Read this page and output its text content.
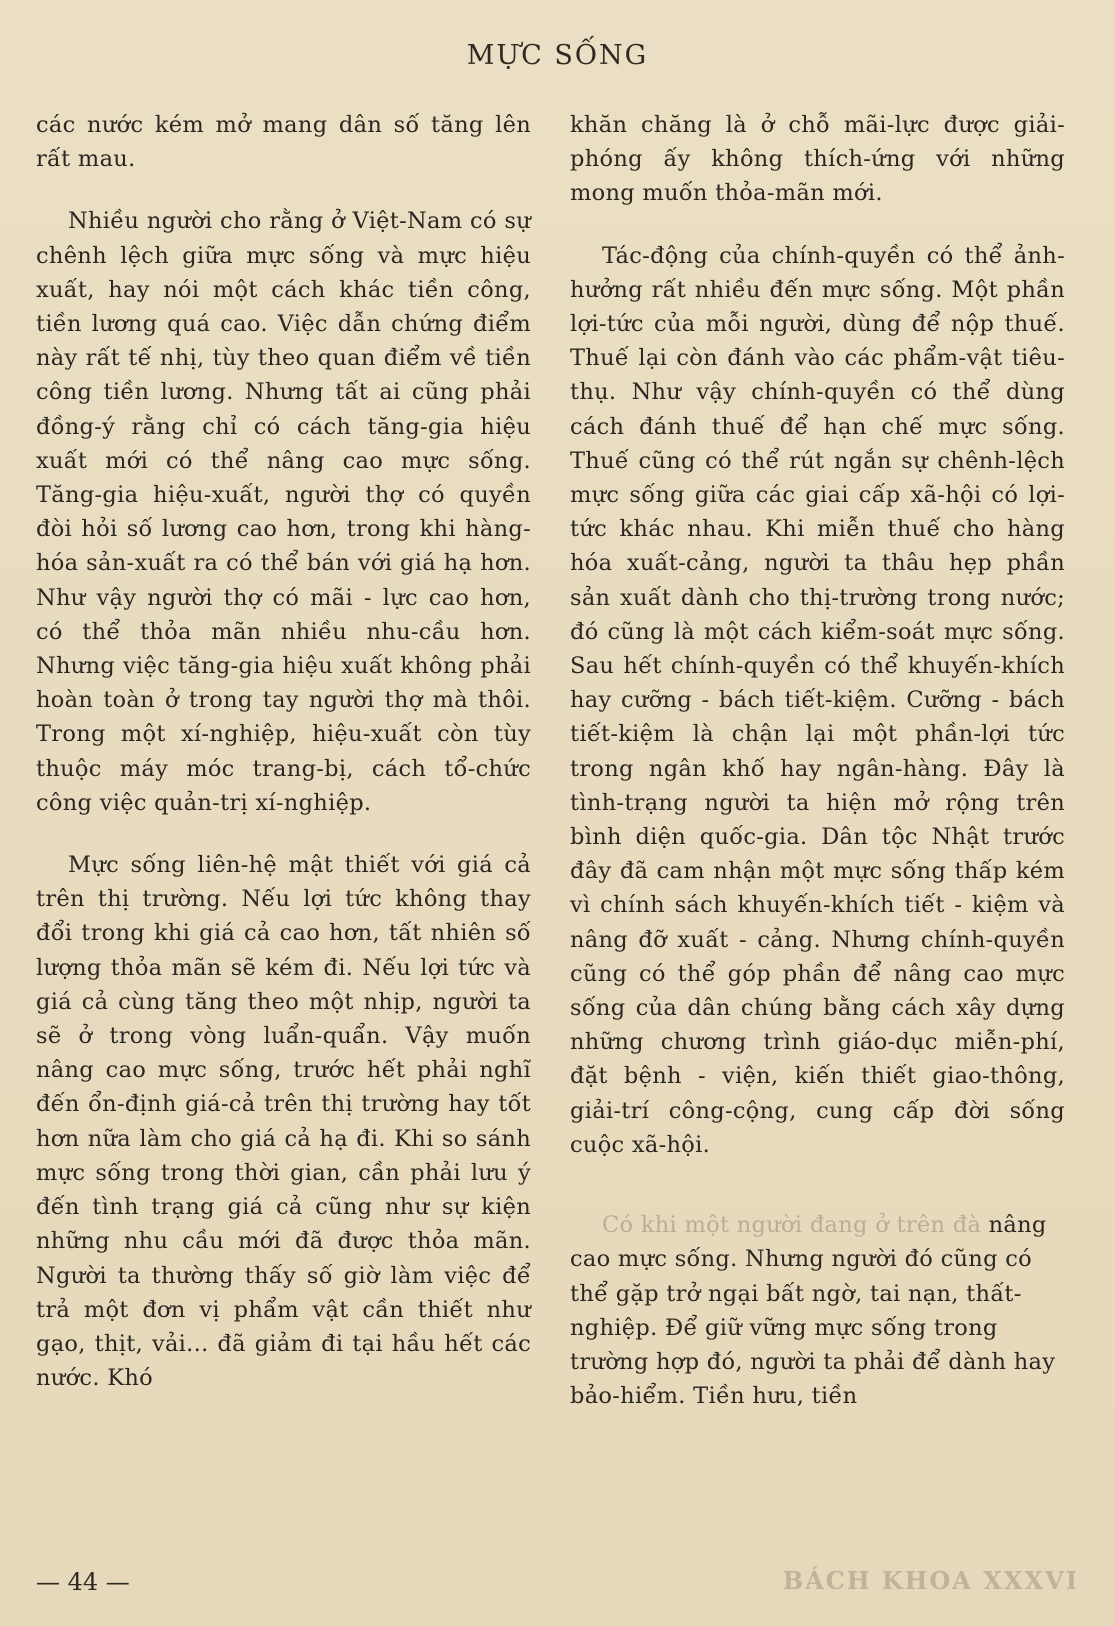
MỰC SỐNG

các nước kém mở mang dân số tăng lên rất mau.

Nhiều người cho rằng ở Việt-Nam có sự chênh lệch giữa mực sống và mực hiệu xuất, hay nói một cách khác tiền công, tiền lương quá cao. Việc dẫn chứng điểm này rất tế nhị, tùy theo quan điểm về tiền công tiền lương. Nhưng tất ai cũng phải đồng-ý rằng chỉ có cách tăng-gia hiệu xuất mới có thể nâng cao mực sống. Tăng-gia hiệu-xuất, người thợ có quyền đòi hỏi số lương cao hơn, trong khi hàng-hóa sản-xuất ra có thể bán với giá hạ hơn. Như vậy người thợ có mãi - lực cao hơn, có thể thỏa mãn nhiều nhu-cầu hơn. Nhưng việc tăng-gia hiệu xuất không phải hoàn toàn ở trong tay người thợ mà thôi. Trong một xí-nghiệp, hiệu-xuất còn tùy thuộc máy móc trang-bị, cách tổ-chức công việc quản-trị xí-nghiệp.

Mực sống liên-hệ mật thiết với giá cả trên thị trường. Nếu lợi tức không thay đổi trong khi giá cả cao hơn, tất nhiên số lượng thỏa mãn sẽ kém đi. Nếu lợi tức và giá cả cùng tăng theo một nhịp, người ta sẽ ở trong vòng luẩn-quẩn. Vậy muốn nâng cao mực sống, trước hết phải nghĩ đến ổn-định giá-cả trên thị trường hay tốt hơn nữa làm cho giá cả hạ đi. Khi so sánh mực sống trong thời gian, cần phải lưu ý đến tình trạng giá cả cũng như sự kiện những nhu cầu mới đã được thỏa mãn. Người ta thường thấy số giờ làm việc để trả một đơn vị phẩm vật cần thiết như gạo, thịt, vải... đã giảm đi tại hầu hết các nước. Khó

khăn chăng là ở chỗ mãi-lực được giải-phóng ấy không thích-ứng với những mong muốn thỏa-mãn mới.

Tác-động của chính-quyền có thể ảnh-hưởng rất nhiều đến mực sống. Một phần lợi-tức của mỗi người, dùng để nộp thuế. Thuế lại còn đánh vào các phẩm-vật tiêu-thụ. Như vậy chính-quyền có thể dùng cách đánh thuế để hạn chế mực sống. Thuế cũng có thể rút ngắn sự chênh-lệch mực sống giữa các giai cấp xã-hội có lợi-tức khác nhau. Khi miễn thuế cho hàng hóa xuất-cảng, người ta thâu hẹp phần sản xuất dành cho thị-trường trong nước; đó cũng là một cách kiểm-soát mực sống. Sau hết chính-quyền có thể khuyến-khích hay cưỡng - bách tiết-kiệm. Cưỡng - bách tiết-kiệm là chận lại một phần-lợi tức trong ngân khố hay ngân-hàng. Đây là tình-trạng người ta hiện mở rộng trên bình diện quốc-gia. Dân tộc Nhật trước đây đã cam nhận một mực sống thấp kém vì chính sách khuyến-khích tiết - kiệm và nâng đỡ xuất - cảng. Nhưng chính-quyền cũng có thể góp phần để nâng cao mực sống của dân chúng bằng cách xây dựng những chương trình giáo-dục miễn-phí, đặt bệnh - viện, kiến thiết giao-thông, giải-trí công-cộng, cung cấp đời sống cuộc xã-hội.

Có khi một người đang ở trên đà nâng cao mực sống. Nhưng người đó cũng có thể gặp trở ngại bất ngờ, tai nạn, thất-nghiệp. Để giữ vững mực sống trong trường hợp đó, người ta phải để dành hay bảo-hiểm. Tiền hưu, tiền

— 44 —	BÁCH KHOA XXXVI
